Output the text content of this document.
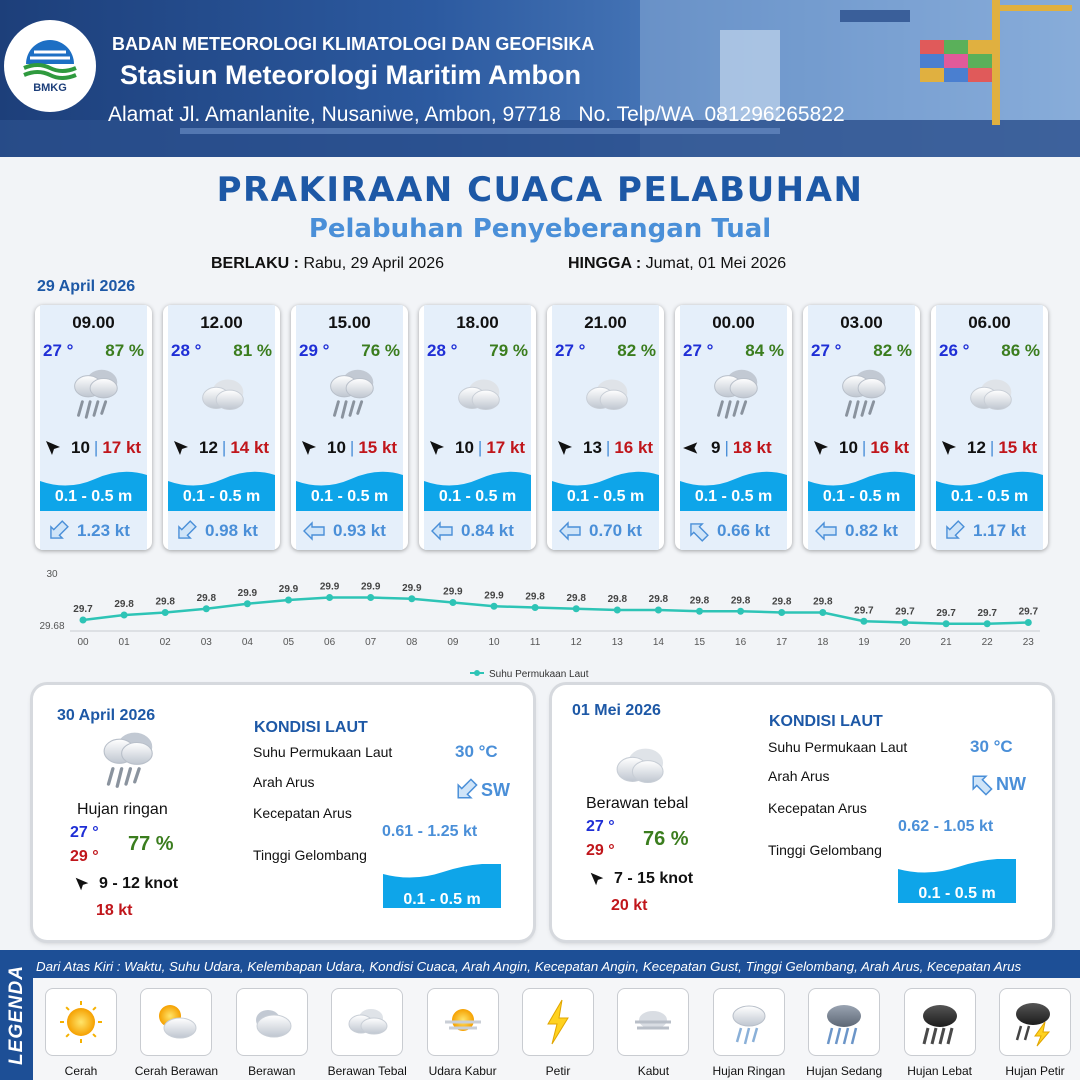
BMKG
BADAN METEOROLOGI KLIMATOLOGI DAN GEOFISIKA
Stasiun Meteorologi Maritim Ambon
Alamat Jl. Amanlanite, Nusaniwe, Ambon, 97718   No. Telp/WA  081296265822
PRAKIRAAN CUACA PELABUHAN
Pelabuhan Penyeberangan Tual
BERLAKU : Rabu, 29 April 2026	HINGGA : Jumat, 01 Mei 2026
29 April 2026
09.00
27 ° 87 %
10 | 17 kt
0.1 - 0.5 m
1.23 kt
12.00
28 ° 81 %
12 | 14 kt
0.1 - 0.5 m
0.98 kt
15.00
29 ° 76 %
10 | 15 kt
0.1 - 0.5 m
0.93 kt
18.00
28 ° 79 %
10 | 17 kt
0.1 - 0.5 m
0.84 kt
21.00
27 ° 82 %
13 | 16 kt
0.1 - 0.5 m
0.70 kt
00.00
27 ° 84 %
9 | 18 kt
0.1 - 0.5 m
0.66 kt
03.00
27 ° 82 %
10 | 16 kt
0.1 - 0.5 m
0.82 kt
06.00
26 ° 86 %
12 | 15 kt
0.1 - 0.5 m
1.17 kt
30
29.68
29.7
00
29.8
01
29.8
02
29.8
03
29.9
04
29.9
05
29.9
06
29.9
07
29.9
08
29.9
09
29.9
10
29.8
11
29.8
12
29.8
13
29.8
14
29.8
15
29.8
16
29.8
17
29.8
18
29.7
19
29.7
20
29.7
21
29.7
22
29.7
23
Suhu Permukaan Laut
30 April 2026
Hujan ringan
27 °
29 °
77 %
9 - 12 knot
18 kt
KONDISI LAUT
Suhu Permukaan Laut	30 °C
Arah Arus	SW
Kecepatan Arus
0.61 - 1.25 kt
Tinggi Gelombang
0.1 - 0.5 m
01 Mei 2026
Berawan tebal
27 °
29 °
76 %
7 - 15 knot
20 kt
KONDISI LAUT
Suhu Permukaan Laut	30 °C
Arah Arus	NW
Kecepatan Arus
0.62 - 1.05 kt
Tinggi Gelombang
0.1 - 0.5 m
LEGENDA Dari Atas Kiri : Waktu, Suhu Udara, Kelembapan Udara, Kondisi Cuaca, Arah Angin, Kecepatan Angin, Kecepatan Gust, Tinggi Gelombang, Arah Arus, Kecepatan Arus
Cerah	Cerah Berawan	Berawan	Berawan Tebal	Udara Kabur	Petir	Kabut	Hujan Ringan	Hujan Sedang	Hujan Lebat	Hujan Petir
